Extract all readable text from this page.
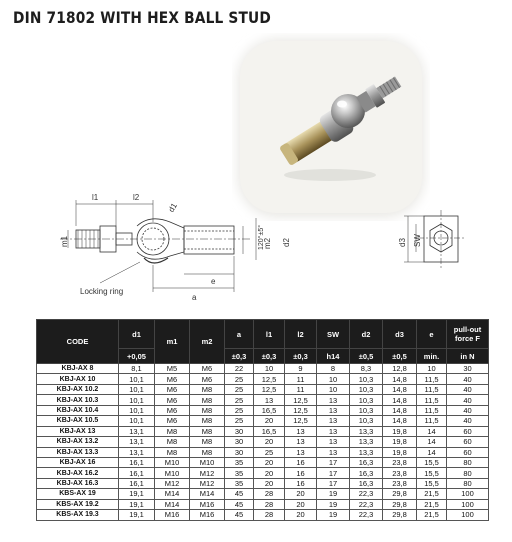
DIN 71802 WITH HEX BALL STUD
l1	l2
d1
m1	m2
120°±5° d2
e
a
Locking ring
d3 SW
CODE	d1	m1	m2	a	l1	l2	SW	d2	d3	e	pull-out force F
	+0,05			±0,3	±0,3	±0,3	h14	±0,5	±0,5	min.	in N
KBJ-AX 8	8,1	M5	M6	22	10	9	8	8,3	12,8	10	30
KBJ-AX 10	10,1	M6	M6	25	12,5	11	10	10,3	14,8	11,5	40
KBJ-AX 10.2	10,1	M6	M8	25	12,5	11	10	10,3	14,8	11,5	40
KBJ-AX 10.3	10,1	M6	M8	25	13	12,5	13	10,3	14,8	11,5	40
KBJ-AX 10.4	10,1	M6	M8	25	16,5	12,5	13	10,3	14,8	11,5	40
KBJ-AX 10.5	10,1	M6	M8	25	20	12,5	13	10,3	14,8	11,5	40
KBJ-AX 13	13,1	M8	M8	30	16,5	13	13	13,3	19,8	14	60
KBJ-AX 13.2	13,1	M8	M8	30	20	13	13	13,3	19,8	14	60
KBJ-AX 13.3	13,1	M8	M8	30	25	13	13	13,3	19,8	14	60
KBJ-AX 16	16,1	M10	M10	35	20	16	17	16,3	23,8	15,5	80
KBJ-AX 16.2	16,1	M10	M12	35	20	16	17	16,3	23,8	15,5	80
KBJ-AX 16.3	16,1	M12	M12	35	20	16	17	16,3	23,8	15,5	80
KBS-AX 19	19,1	M14	M14	45	28	20	19	22,3	29,8	21,5	100
KBS-AX 19.2	19,1	M14	M16	45	28	20	19	22,3	29,8	21,5	100
KBS-AX 19.3	19,1	M16	M16	45	28	20	19	22,3	29,8	21,5	100
